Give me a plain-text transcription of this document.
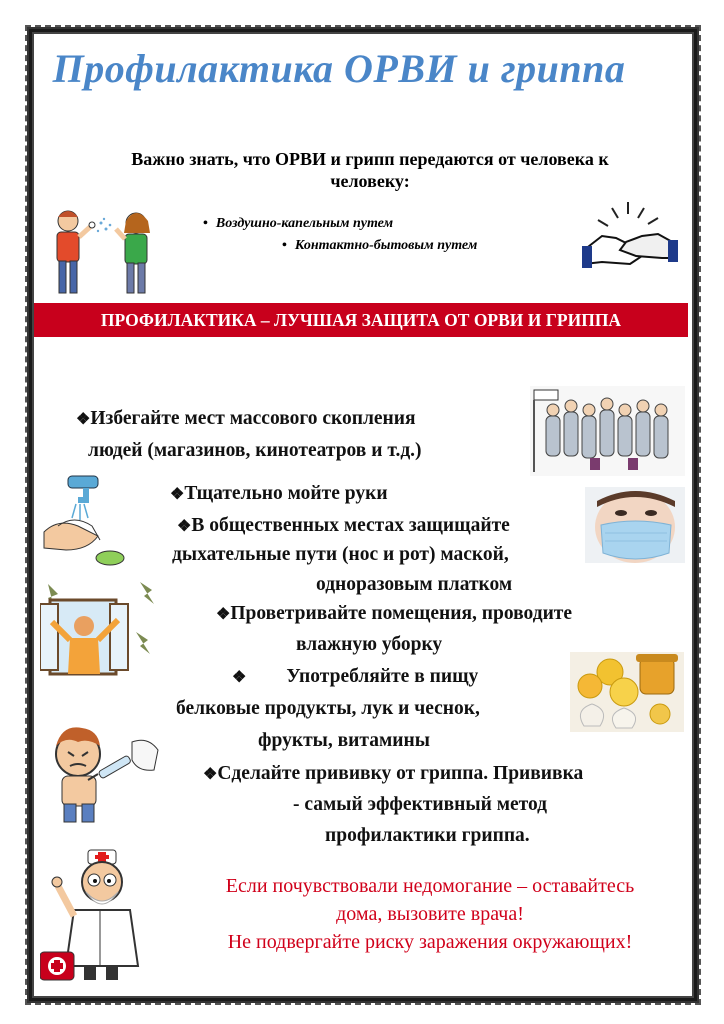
Профилактика ОРВИ и гриппа
Важно знать, что ОРВИ и грипп передаются от человека к
человеку:
• Воздушно-капельным путем
• Контактно-бытовым путем
ПРОФИЛАКТИКА – ЛУЧШАЯ ЗАЩИТА ОТ ОРВИ И ГРИППА
❖Избегайте мест массового скопления
людей (магазинов, кинотеатров и т.д.)
❖Тщательно мойте руки
❖В общественных местах защищайте
дыхательные пути (нос и рот) маской,
одноразовым платком
❖Проветривайте помещения, проводите
влажную уборку
❖ Употребляйте в пищу
белковые продукты, лук и чеснок,
фрукты, витамины
❖Сделайте прививку от гриппа. Прививка
- самый эффективный метод
профилактики гриппа.
Если почувствовали недомогание – оставайтесь
дома, вызовите врача!
Не подвергайте риску заражения окружающих!
